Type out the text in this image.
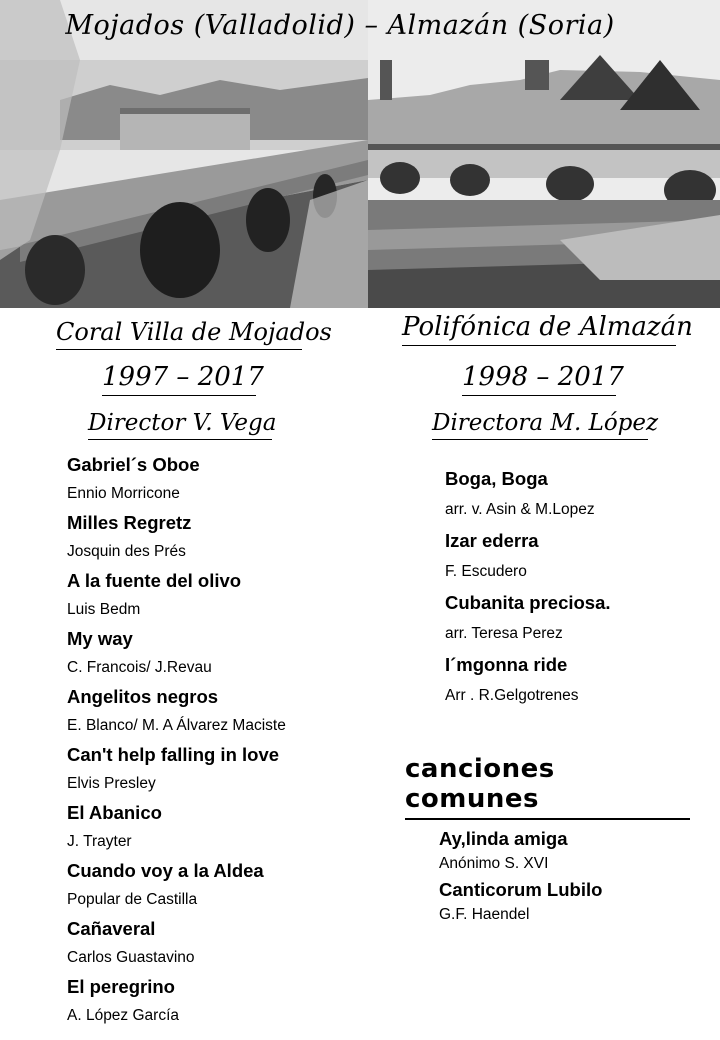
Mojados (Valladolid) – Almazán (Soria)
Coral Villa de Mojados
1997 – 2017
Director V. Vega
Polifónica de Almazán
1998 – 2017
Directora M. López
Gabriel´s Oboe
Ennio Morricone
Milles Regretz
Josquin des Prés
A la fuente del olivo
Luis Bedm
My way
C. Francois/ J.Revau
Angelitos negros
E. Blanco/ M. A Álvarez Maciste
Can't help falling in love
Elvis Presley
El Abanico
J. Trayter
Cuando voy a la Aldea
Popular de Castilla
Cañaveral
Carlos Guastavino
El peregrino
A. López García
Boga, Boga
arr. v. Asin & M.Lopez
Izar ederra
F. Escudero
Cubanita preciosa.
arr. Teresa Perez
I´mgonna ride
Arr . R.Gelgotrenes
canciones comunes
Ay,linda amiga
Anónimo S. XVI
Canticorum Lubilo
G.F. Haendel
